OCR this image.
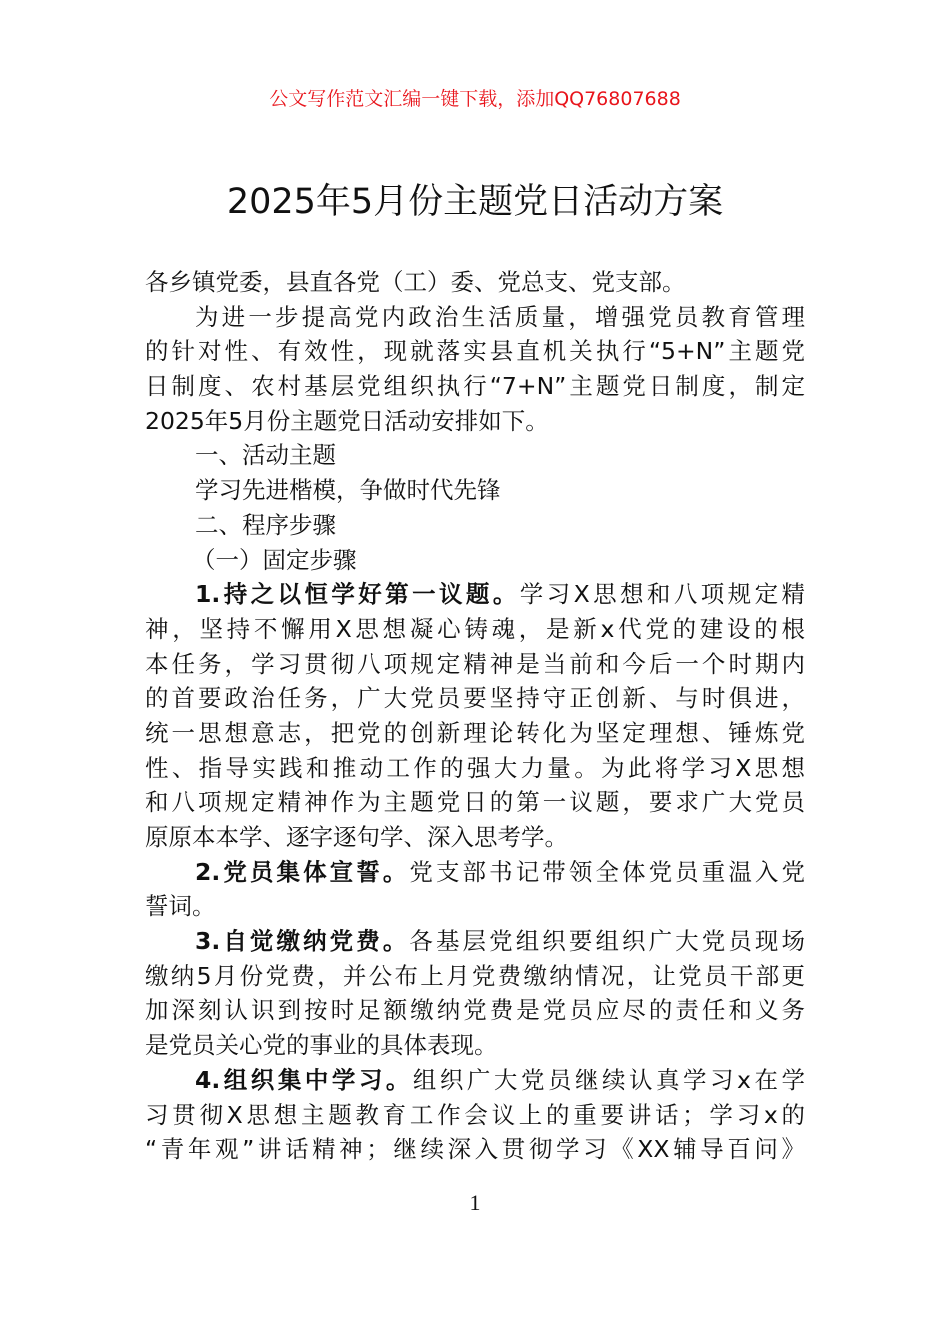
公文写作范文汇编一键下载，添加QQ76807688
2025年5月份主题党日活动方案
各乡镇党委，县直各党（工）委、党总支、党支部。
为进一步提高党内政治生活质量，增强党员教育管理
的针对性、有效性，现就落实县直机关执行“5+N”主题党
日制度、农村基层党组织执行“7+N”主题党日制度，制定
2025年5月份主题党日活动安排如下。
一、活动主题
学习先进楷模，争做时代先锋
二、程序步骤
（一）固定步骤
1.持之以恒学好第一议题。学习X思想和八项规定精
神，坚持不懈用X思想凝心铸魂，是新x代党的建设的根
本任务，学习贯彻八项规定精神是当前和今后一个时期内
的首要政治任务，广大党员要坚持守正创新、与时俱进，
统一思想意志，把党的创新理论转化为坚定理想、锤炼党
性、指导实践和推动工作的强大力量。为此将学习X思想
和八项规定精神作为主题党日的第一议题，要求广大党员
原原本本学、逐字逐句学、深入思考学。
2.党员集体宣誓。党支部书记带领全体党员重温入党
誓词。
3.自觉缴纳党费。各基层党组织要组织广大党员现场
缴纳5月份党费，并公布上月党费缴纳情况，让党员干部更
加深刻认识到按时足额缴纳党费是党员应尽的责任和义务
是党员关心党的事业的具体表现。
4.组织集中学习。组织广大党员继续认真学习x在学
习贯彻X思想主题教育工作会议上的重要讲话；学习x的
“青年观”讲话精神；继续深入贯彻学习《XX辅导百问》
1
